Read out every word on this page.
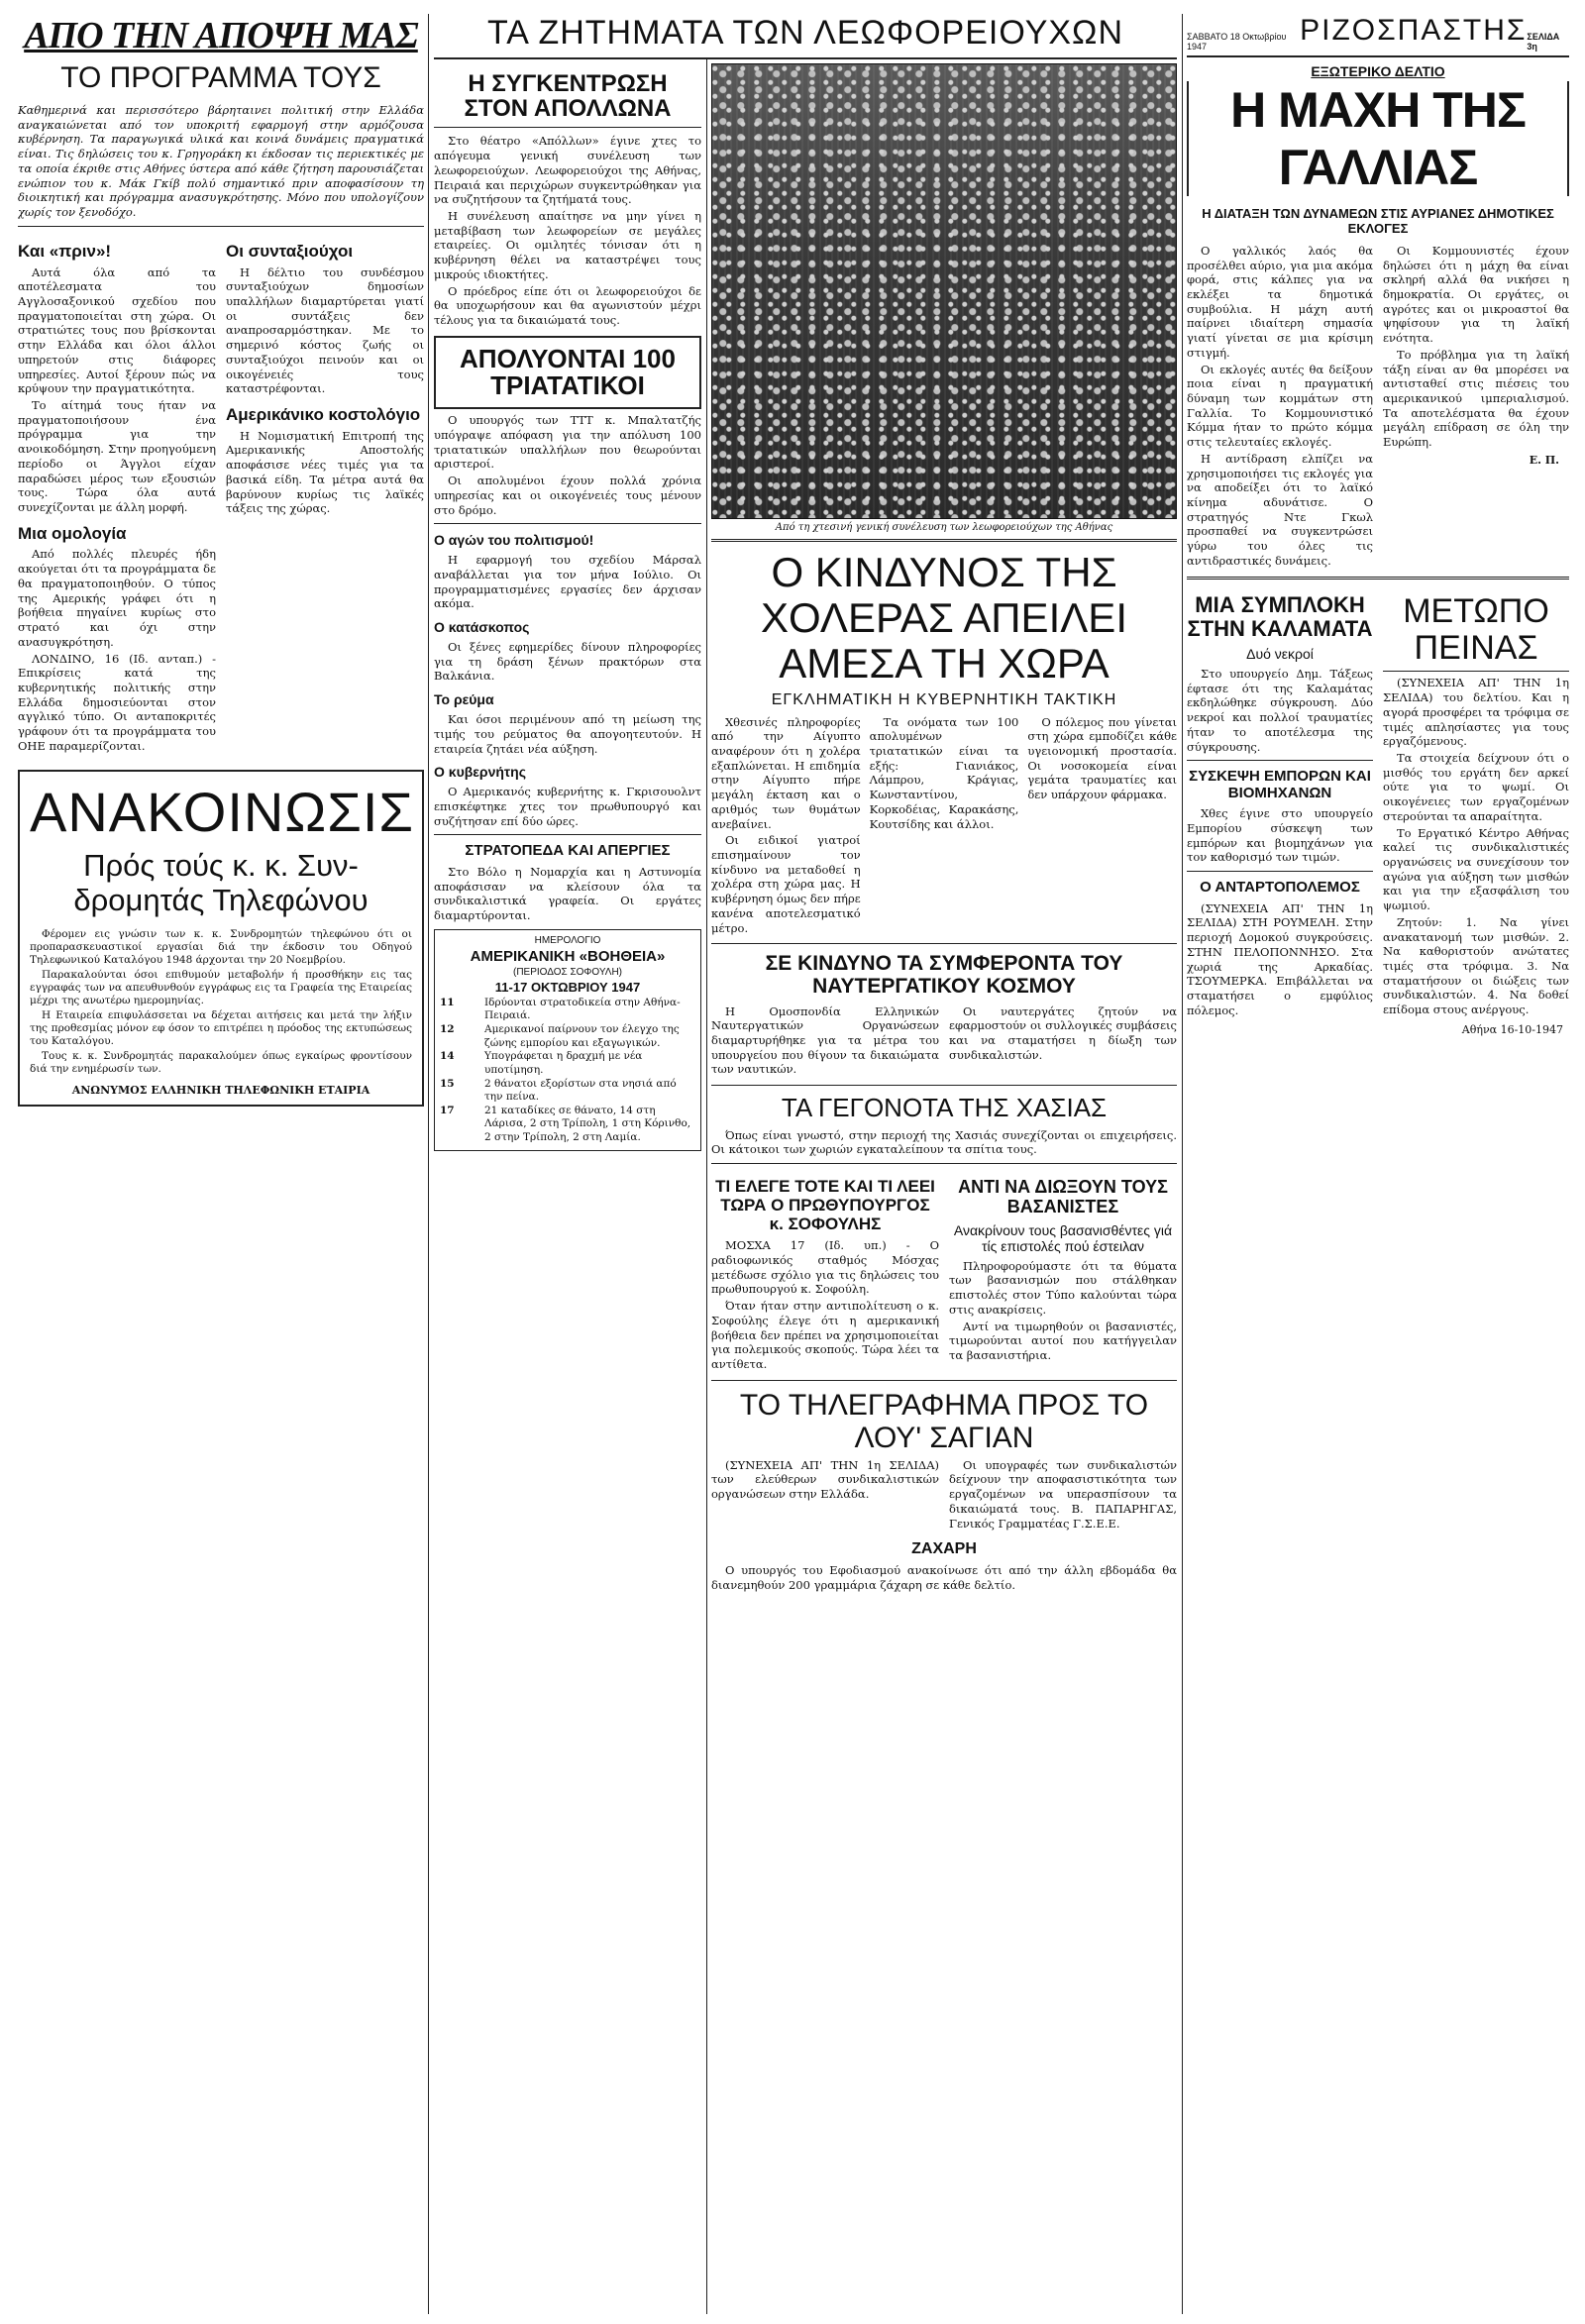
ΤΑ ΖΗΤΗΜΑΤΑ ΤΩΝ ΛΕΩΦΟΡΕΙΟΥΧΩΝ
ΑΠΟ ΤΗΝ ΑΠΟΨΗ ΜΑΣ
ΤΟ ΠΡΟΓΡΑΜΜΑ ΤΟΥΣ
Καθημερινά και περισσότερο βάρηταινει πολιτική στην Ελλάδα αναγκαιώνεται από τον υποκριτή εφαρμογή στην αρμόζουσα κυβέρνηση. Τα παραγωγικά υλικά και κοινά δυνάμεις πραγματικά είναι. Τις δηλώσεις του κ. Γρηγοράκη κι έκδοσαν τις περιεκτικές με τα οποία έκριθε στις Αθήνες ύστερα από κάθε ζήτηση παρουσιάζεται ενώπιον του κ. Μάκ Γκίβ πολύ σημαντικό πριν αποφασίσουν τη διοικητική και πρόγραμμα ανασυγκρότησης. Μόνο που υπολογίζουν χωρίς τον ξενοδόχο.
Και «πριν»!

Αυτά όλα από τα αποτέλεσματα του Αγγλοσαξονικού σχεδίου που πραγματοποιείται στη χώρα. Οι στρατιώτες τους που βρίσκονται στην Ελλάδα και όλοι άλλοι υπηρετούν στις διάφορες υπηρεσίες. Αυτοί ξέρουν πώς να κρύψουν την πραγματικότητα.

Το αίτημά τους ήταν να πραγματοποιήσουν ένα πρόγραμμα για την ανοικοδόμηση. Στην προηγούμενη περίοδο οι Άγγλοι είχαν παραδώσει μέρος των εξουσιών τους. Τώρα όλα αυτά συνεχίζονται με άλλη μορφή.

Μια ομολογία

Από πολλές πλευρές ήδη ακούγεται ότι τα προγράμματα δε θα πραγματοποιηθούν. Ο τύπος της Αμερικής γράφει ότι η βοήθεια πηγαίνει κυρίως στο στρατό και όχι στην ανασυγκρότηση.

ΛΟΝΔΙΝΟ, 16 (Ιδ. ανταπ.) - Επικρίσεις κατά της κυβερνητικής πολιτικής στην Ελλάδα δημοσιεύονται στον αγγλικό τύπο. Οι ανταποκριτές γράφουν ότι τα προγράμματα του ΟΗΕ παραμερίζονται.

Οι συνταξιούχοι

Η δέλτιο του συνδέσμου συνταξιούχων δημοσίων υπαλλήλων διαμαρτύρεται γιατί οι συντάξεις δεν αναπροσαρμόστηκαν. Με το σημερινό κόστος ζωής οι συνταξιούχοι πεινούν και οι οικογένειές τους καταστρέφονται.

Αμερικάνικο κοστολόγιο

Η Νομισματική Επιτροπή της Αμερικανικής Αποστολής αποφάσισε νέες τιμές για τα βασικά είδη. Τα μέτρα αυτά θα βαρύνουν κυρίως τις λαϊκές τάξεις της χώρας.

ΑΝΑΚΟΙΝΩΣΙΣ
Πρός τούς κ. κ. Συν-δρομητάς Τηλεφώνου

Φέρομεν εις γνώσιν των κ. κ. Συνδρομητών τηλεφώνου ότι οι προπαρασκευαστικοί εργασίαι διά την έκδοσιν του Οδηγού Τηλεφωνικού Καταλόγου 1948 άρχονται την 20 Νοεμβρίου.

Παρακαλούνται όσοι επιθυμούν μεταβολήν ή προσθήκην εις τας εγγραφάς των να απευθυνθούν εγγράφως εις τα Γραφεία της Εταιρείας μέχρι της ανωτέρω ημερομηνίας.

Η Εταιρεία επιφυλάσσεται να δέχεται αιτήσεις και μετά την λήξιν της προθεσμίας μόνον εφ όσον το επιτρέπει η πρόοδος της εκτυπώσεως του Καταλόγου.

Τους κ. κ. Συνδρομητάς παρακαλούμεν όπως εγκαίρως φροντίσουν διά την ενημέρωσίν των.

ΑΝΩΝΥΜΟΣ ΕΛΛΗΝΙΚΗ ΤΗΛΕΦΩΝΙΚΗ ΕΤΑΙΡΙΑ
Η ΣΥΓΚΕΝΤΡΩΣΗ ΣΤΟΝ ΑΠΟΛΛΩΝΑ

Στο θέατρο «Απόλλων» έγινε χτες το απόγευμα γενική συνέλευση των λεωφορειούχων. Λεωφορειούχοι της Αθήνας, Πειραιά και περιχώρων συγκεντρώθηκαν για να συζητήσουν τα ζητήματά τους.

Η συνέλευση απαίτησε να μην γίνει η μεταβίβαση των λεωφορείων σε μεγάλες εταιρείες. Οι ομιλητές τόνισαν ότι η κυβέρνηση θέλει να καταστρέψει τους μικρούς ιδιοκτήτες.

Ο πρόεδρος είπε ότι οι λεωφορειούχοι δε θα υποχωρήσουν και θα αγωνιστούν μέχρι τέλους για τα δικαιώματά τους.

ΑΠΟΛΥΟΝΤΑΙ 100 ΤΡΙΑΤΑΤΙΚΟΙ

Ο υπουργός των ΤΤΤ κ. Μπαλτατζής υπόγραψε απόφαση για την απόλυση 100 τριατατικών υπαλλήλων που θεωρούνται αριστεροί.

Οι απολυμένοι έχουν πολλά χρόνια υπηρεσίας και οι οικογένειές τους μένουν στο δρόμο.

Ο αγών του πολιτισμού!

Η εφαρμογή του σχεδίου Μάρσαλ αναβάλλεται για τον μήνα Ιούλιο. Οι προγραμματισμένες εργασίες δεν άρχισαν ακόμα.

Ο κατάσκοπος

Οι ξένες εφημερίδες δίνουν πληροφορίες για τη δράση ξένων πρακτόρων στα Βαλκάνια.

Το ρεύμα

Και όσοι περιμένουν από τη μείωση της τιμής του ρεύματος θα απογοητευτούν. Η εταιρεία ζητάει νέα αύξηση.

Ο κυβερνήτης

Ο Αμερικανός κυβερνήτης κ. Γκρισουολντ επισκέφτηκε χτες τον πρωθυπουργό και συζήτησαν επί δύο ώρες.

ΣΤΡΑΤΟΠΕΔΑ ΚΑΙ ΑΠΕΡΓΙΕΣ

Στο Βόλο η Νομαρχία και η Αστυνομία αποφάσισαν να κλείσουν όλα τα συνδικαλιστικά γραφεία. Οι εργάτες διαμαρτύρονται.

ΗΜΕΡΟΛΟΓΙΟ
ΑΜΕΡΙΚΑΝΙΚΗ «ΒΟΗΘΕΙΑ»
(ΠΕΡΙΟΔΟΣ ΣΟΦΟΥΛΗ)
11-17 ΟΚΤΩΒΡΙΟΥ 1947
11	Ιδρύονται στρατοδικεία στην Αθήνα-Πειραιά.
12	Αμερικανοί παίρνουν τον έλεγχο της ζώνης εμπορίου και εξαγωγικών.
14	Υπογράφεται η δραχμή με νέα υποτίμηση.
15	2 θάνατοι εξορίστων στα νησιά από την πείνα.
17	21 καταδίκες σε θάνατο, 14 στη Λάρισα, 2 στη Τρίπολη, 1 στη Κόρινθο, 2 στην Τρίπολη, 2 στη Λαμία.
Από τη χτεσινή γενική συνέλευση των λεωφορειούχων της Αθήνας
Ο ΚΙΝΔΥΝΟΣ ΤΗΣ ΧΟΛΕΡΑΣ ΑΠΕΙΛΕΙ ΑΜΕΣΑ ΤΗ ΧΩΡΑ
ΕΓΚΛΗΜΑΤΙΚΗ Η ΚΥΒΕΡΝΗΤΙΚΗ ΤΑΚΤΙΚΗ

Χθεσινές πληροφορίες από την Αίγυπτο αναφέρουν ότι η χολέρα εξαπλώνεται. Η επιδημία στην Αίγυπτο πήρε μεγάλη έκταση και ο αριθμός των θυμάτων ανεβαίνει.

Οι ειδικοί γιατροί επισημαίνουν τον κίνδυνο να μεταδοθεί η χολέρα στη χώρα μας. Η κυβέρνηση όμως δεν πήρε κανένα αποτελεσματικό μέτρο.

Τα ονόματα των 100 απολυμένων τριατατικών είναι τα εξής: Γιανιάκος, Λάμπρου, Κράγιας, Κωνσταντίνου, Κορκοδέιας, Καρακάσης, Κουτσίδης και άλλοι.

Ο πόλεμος που γίνεται στη χώρα εμποδίζει κάθε υγειονομική προστασία. Οι νοσοκομεία είναι γεμάτα τραυματίες και δεν υπάρχουν φάρμακα.

ΣΕ ΚΙΝΔΥΝΟ ΤΑ ΣΥΜΦΕΡΟΝΤΑ ΤΟΥ ΝΑΥΤΕΡΓΑΤΙΚΟΥ ΚΟΣΜΟΥ

Η Ομοσπονδία Ελληνικών Ναυτεργατικών Οργανώσεων διαμαρτυρήθηκε για τα μέτρα του υπουργείου που θίγουν τα δικαιώματα των ναυτικών.

Οι ναυτεργάτες ζητούν να εφαρμοστούν οι συλλογικές συμβάσεις και να σταματήσει η δίωξη των συνδικαλιστών.

ΤΑ ΓΕΓΟΝΟΤΑ ΤΗΣ ΧΑΣΙΑΣ

Όπως είναι γνωστό, στην περιοχή της Χασιάς συνεχίζονται οι επιχειρήσεις. Οι κάτοικοι των χωριών εγκαταλείπουν τα σπίτια τους.

ΤΙ ΕΛΕΓΕ ΤΟΤΕ ΚΑΙ ΤΙ ΛΕΕΙ ΤΩΡΑ Ο ΠΡΩΘΥΠΟΥΡΓΟΣ κ. ΣΟΦΟΥΛΗΣ

ΜΟΣΧΑ 17 (Ιδ. υπ.) - Ο ραδιοφωνικός σταθμός Μόσχας μετέδωσε σχόλιο για τις δηλώσεις του πρωθυπουργού κ. Σοφούλη.

Όταν ήταν στην αντιπολίτευση ο κ. Σοφούλης έλεγε ότι η αμερικανική βοήθεια δεν πρέπει να χρησιμοποιείται για πολεμικούς σκοπούς. Τώρα λέει τα αντίθετα.

ΑΝΤΙ ΝΑ ΔΙΩΞΟΥΝ ΤΟΥΣ ΒΑΣΑΝΙΣΤΕΣ
Ανακρίνουν τους βασανισθέντες γιά τίς επιστολές πού έστειλαν

Πληροφορούμαστε ότι τα θύματα των βασανισμών που στάλθηκαν επιστολές στον Τύπο καλούνται τώρα στις ανακρίσεις.

Αντί να τιμωρηθούν οι βασανιστές, τιμωρούνται αυτοί που κατήγγειλαν τα βασανιστήρια.

ΤΟ ΤΗΛΕΓΡΑΦΗΜΑ ΠΡΟΣ ΤΟ ΛΟΥ' ΣΑΓΙΑΝ

(ΣΥΝΕΧΕΙΑ ΑΠ' ΤΗΝ 1η ΣΕΛΙΔΑ) των ελεύθερων συνδικαλιστικών οργανώσεων στην Ελλάδα.

Οι υπογραφές των συνδικαλιστών δείχνουν την αποφασιστικότητα των εργαζομένων να υπερασπίσουν τα δικαιώματά τους. Β. ΠΑΠΑΡΗΓΑΣ, Γενικός Γραμματέας Γ.Σ.Ε.Ε.

ΖΑΧΑΡΗ

Ο υπουργός του Εφοδιασμού ανακοίνωσε ότι από την άλλη εβδομάδα θα διανεμηθούν 200 γραμμάρια ζάχαρη σε κάθε δελτίο.

ΣΑΒΒΑΤΟ 18 Οκτωβρίου 1947	ΡΙΖΟΣΠΑΣΤΗΣ ΣΕΛΙΔΑ 3η
ΕΞΩΤΕΡΙΚΟ ΔΕΛΤΙΟ
Η ΜΑΧΗ ΤΗΣ ΓΑΛΛΙΑΣ
Η ΔΙΑΤΑΞΗ ΤΩΝ ΔΥΝΑΜΕΩΝ ΣΤΙΣ ΑΥΡΙΑΝΕΣ ΔΗΜΟΤΙΚΕΣ ΕΚΛΟΓΕΣ

Ο γαλλικός λαός θα προσέλθει αύριο, για μια ακόμα φορά, στις κάλπες για να εκλέξει τα δημοτικά συμβούλια. Η μάχη αυτή παίρνει ιδιαίτερη σημασία γιατί γίνεται σε μια κρίσιμη στιγμή.

Οι εκλογές αυτές θα δείξουν ποια είναι η πραγματική δύναμη των κομμάτων στη Γαλλία. Το Κομμουνιστικό Κόμμα ήταν το πρώτο κόμμα στις τελευταίες εκλογές.

Η αντίδραση ελπίζει να χρησιμοποιήσει τις εκλογές για να αποδείξει ότι το λαϊκό κίνημα αδυνάτισε. Ο στρατηγός Ντε Γκωλ προσπαθεί να συγκεντρώσει γύρω του όλες τις αντιδραστικές δυνάμεις.

Οι Κομμουνιστές έχουν δηλώσει ότι η μάχη θα είναι σκληρή αλλά θα νικήσει η δημοκρατία. Οι εργάτες, οι αγρότες και οι μικροαστοί θα ψηφίσουν για τη λαϊκή ενότητα.

Το πρόβλημα για τη λαϊκή τάξη είναι αν θα μπορέσει να αντισταθεί στις πιέσεις του αμερικανικού ιμπεριαλισμού. Τα αποτελέσματα θα έχουν μεγάλη επίδραση σε όλη την Ευρώπη.

Ε. Π.
ΜΙΑ ΣΥΜΠΛΟΚΗ ΣΤΗΝ ΚΑΛΑΜΑΤΑ
Δυό νεκροί

Στο υπουργείο Δημ. Τάξεως έφτασε ότι της Καλαμάτας εκδηλώθηκε σύγκρουση. Δύο νεκροί και πολλοί τραυματίες ήταν το αποτέλεσμα της σύγκρουσης.

ΣΥΣΚΕΨΗ ΕΜΠΟΡΩΝ ΚΑΙ ΒΙΟΜΗΧΑΝΩΝ

Χθες έγινε στο υπουργείο Εμπορίου σύσκεψη των εμπόρων και βιομηχάνων για τον καθορισμό των τιμών.

Ο ΑΝΤΑΡΤΟΠΟΛΕΜΟΣ

(ΣΥΝΕΧΕΙΑ ΑΠ' ΤΗΝ 1η ΣΕΛΙΔΑ) ΣΤΗ ΡΟΥΜΕΛΗ. Στην περιοχή Δομοκού συγκρούσεις. ΣΤΗΝ ΠΕΛΟΠΟΝΝΗΣΟ. Στα χωριά της Αρκαδίας. ΤΣΟΥΜΕΡΚΑ. Επιβάλλεται να σταματήσει ο εμφύλιος πόλεμος.

ΜΕΤΩΠΟ ΠΕΙΝΑΣ

(ΣΥΝΕΧΕΙΑ ΑΠ' ΤΗΝ 1η ΣΕΛΙΔΑ) του δελτίου. Και η αγορά προσφέρει τα τρόφιμα σε τιμές απλησίαστες για τους εργαζόμενους.

Τα στοιχεία δείχνουν ότι ο μισθός του εργάτη δεν αρκεί ούτε για το ψωμί. Οι οικογένειες των εργαζομένων στερούνται τα απαραίτητα.

Το Εργατικό Κέντρο Αθήνας καλεί τις συνδικαλιστικές οργανώσεις να συνεχίσουν τον αγώνα για αύξηση των μισθών και για την εξασφάλιση του ψωμιού.

Ζητούν: 1. Να γίνει ανακατανομή των μισθών. 2. Να καθοριστούν ανώτατες τιμές στα τρόφιμα. 3. Να σταματήσουν οι διώξεις των συνδικαλιστών. 4. Να δοθεί επίδομα στους ανέργους.

Αθήνα 16-10-1947
